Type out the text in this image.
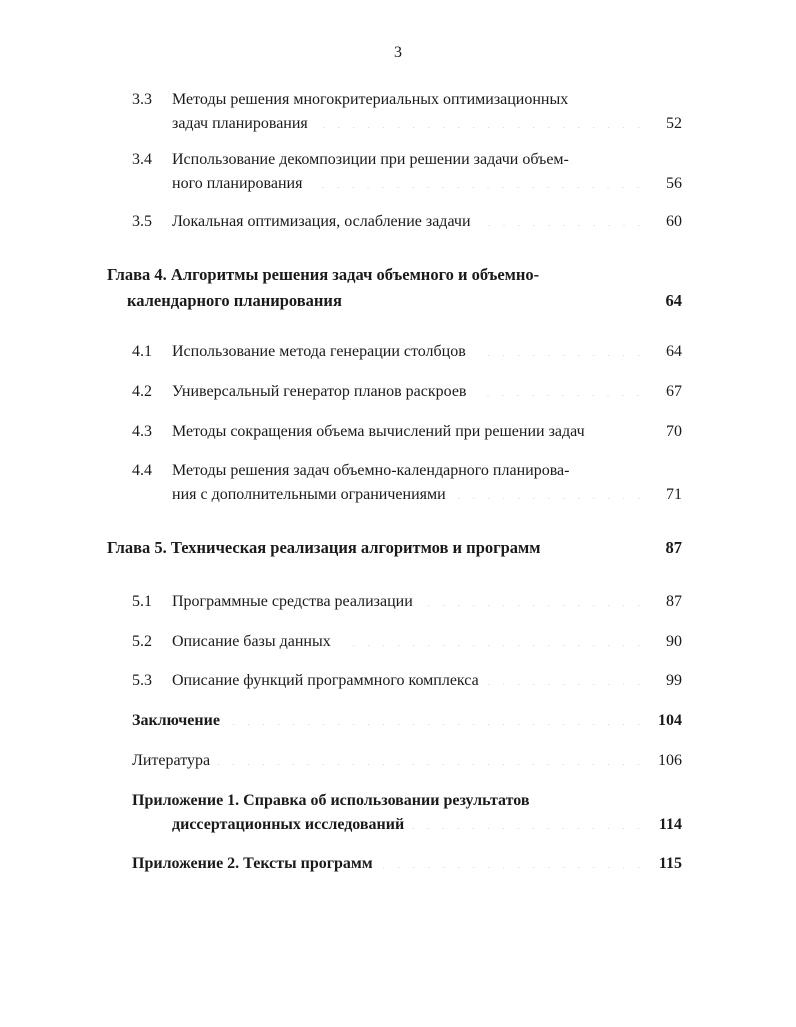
3
3.3 Методы решения многокритериальных оптимизационных
задач планирования	52
3.4 Использование декомпозиции при решении задачи объем-
ного планирования	56
3.5 Локальная оптимизация, ослабление задачи	60
Глава 4. Алгоритмы решения задач объемного и объемно-
календарного планирования	64
4.1 Использование метода генерации столбцов	64
4.2 Универсальный генератор планов раскроев	67
4.3 Методы сокращения объема вычислений при решении задач	70
4.4 Методы решения задач объемно-календарного планирова-
ния с дополнительными ограничениями	71
Глава 5. Техническая реализация алгоритмов и программ	87
5.1 Программные средства реализации	87
5.2 Описание базы данных	90
5.3 Описание функций программного комплекса	99
Заключение	104
Литература	106
Приложение 1. Справка об использовании результатов
диссертационных исследований	114
Приложение 2. Тексты программ	115
